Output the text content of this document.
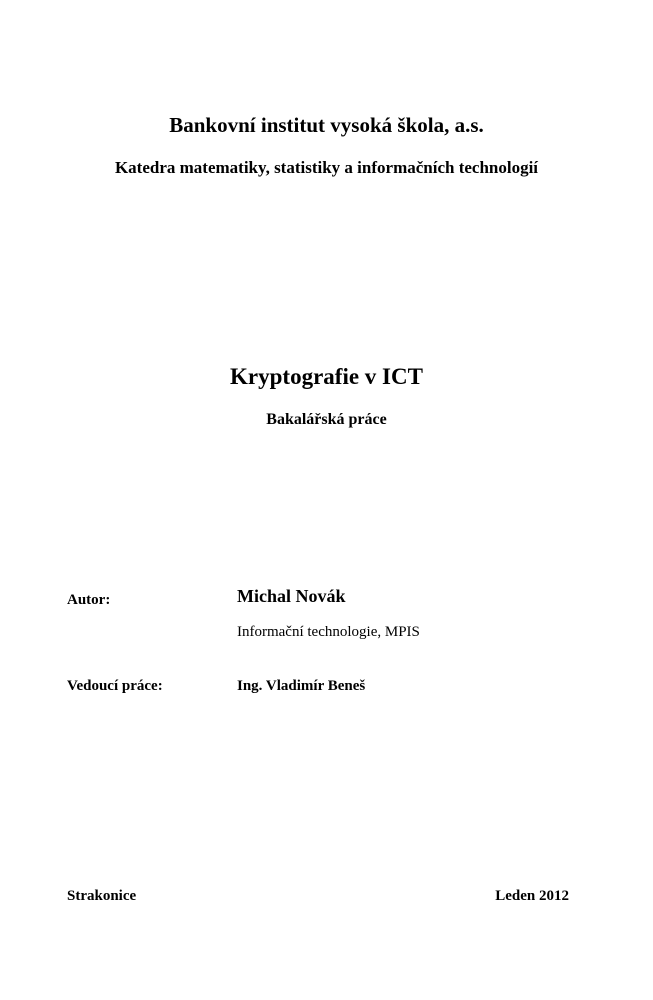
Bankovní institut vysoká škola, a.s.
Katedra matematiky, statistiky a informačních technologií
Kryptografie v ICT
Bakalářská práce
Autor:	Michal Novák
Informační technologie, MPIS
Vedoucí práce:	Ing. Vladimír Beneš
Strakonice	Leden 2012
